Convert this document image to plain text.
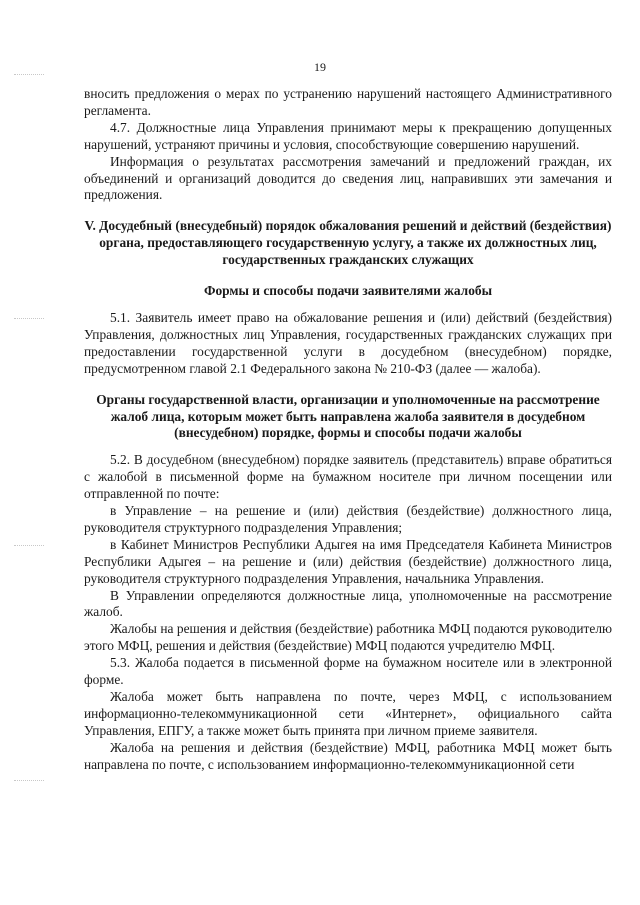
19

вносить предложения о мерах по устранению нарушений настоящего Административного регламента.

4.7. Должностные лица Управления принимают меры к прекращению допущенных нарушений, устраняют причины и условия, способствующие совершению нарушений.

Информация о результатах рассмотрения замечаний и предложений граждан, их объединений и организаций доводится до сведения лиц, направивших эти замечания и предложения.

V. Досудебный (внесудебный) порядок обжалования решений и действий (бездействия) органа, предоставляющего государственную услугу, а также их должностных лиц, государственных гражданских служащих

Формы и способы подачи заявителями жалобы

5.1. Заявитель имеет право на обжалование решения и (или) действий (бездействия) Управления, должностных лиц Управления, государственных гражданских служащих при предоставлении государственной услуги в досудебном (внесудебном) порядке, предусмотренном главой 2.1 Федерального закона № 210-ФЗ (далее — жалоба).

Органы государственной власти, организации и уполномоченные на рассмотрение жалоб лица, которым может быть направлена жалоба заявителя в досудебном (внесудебном) порядке, формы и способы подачи жалобы

5.2. В досудебном (внесудебном) порядке заявитель (представитель) вправе обратиться с жалобой в письменной форме на бумажном носителе при личном посещении или отправленной по почте:

в Управление – на решение и (или) действия (бездействие) должностного лица, руководителя структурного подразделения Управления;

в Кабинет Министров Республики Адыгея на имя Председателя Кабинета Министров Республики Адыгея – на решение и (или) действия (бездействие) должностного лица, руководителя структурного подразделения Управления, начальника Управления.

В Управлении определяются должностные лица, уполномоченные на рассмотрение жалоб.

Жалобы на решения и действия (бездействие) работника МФЦ подаются руководителю этого МФЦ, решения и действия (бездействие) МФЦ подаются учредителю МФЦ.

5.3. Жалоба подается в письменной форме на бумажном носителе или в электронной форме.

Жалоба может быть направлена по почте, через МФЦ, с использованием информационно-телекоммуникационной сети «Интернет», официального сайта Управления, ЕПГУ, а также может быть принята при личном приеме заявителя.

Жалоба на решения и действия (бездействие) МФЦ, работника МФЦ может быть направлена по почте, с использованием информационно-телекоммуникационной сети
